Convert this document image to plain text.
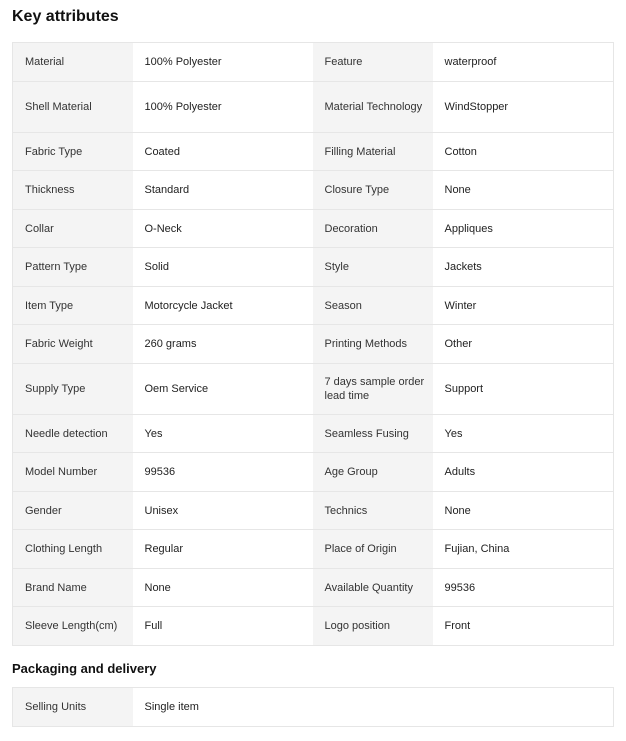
Key attributes
Material	100% Polyester	Feature	waterproof
Shell Material	100% Polyester	Material Technology	WindStopper
Fabric Type	Coated	Filling Material	Cotton
Thickness	Standard	Closure Type	None
Collar	O-Neck	Decoration	Appliques
Pattern Type	Solid	Style	Jackets
Item Type	Motorcycle Jacket	Season	Winter
Fabric Weight	260 grams	Printing Methods	Other
Supply Type	Oem Service	7 days sample order lead time	Support
Needle detection	Yes	Seamless Fusing	Yes
Model Number	99536	Age Group	Adults
Gender	Unisex	Technics	None
Clothing Length	Regular	Place of Origin	Fujian, China
Brand Name	None	Available Quantity	99536
Sleeve Length(cm)	Full	Logo position	Front
Packaging and delivery
Selling Units	Single item
